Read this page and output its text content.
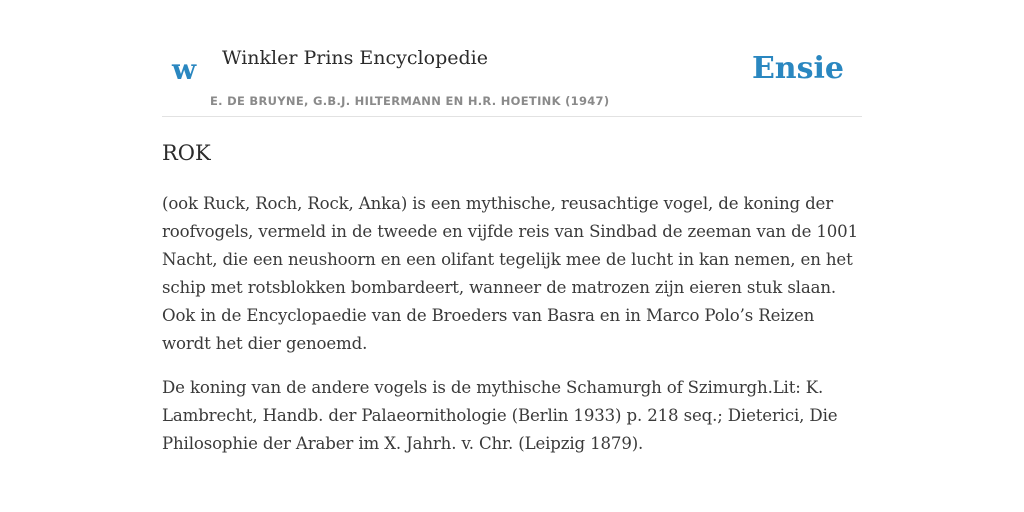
w Winkler Prins Encyclopedie
E. DE BRUYNE, G.B.J. HILTERMANN EN H.R. HOETINK (1947)
Ensie
ROK

(ook Ruck, Roch, Rock, Anka) is een mythische, reusachtige vogel, de koning der roofvogels, vermeld in de tweede en vijfde reis van Sindbad de zeeman van de 1001 Nacht, die een neushoorn en een olifant tegelijk mee de lucht in kan nemen, en het schip met rotsblokken bombardeert, wanneer de matrozen zijn eieren stuk slaan. Ook in de Encyclopaedie van de Broeders van Basra en in Marco Polo’s Reizen wordt het dier genoemd.

De koning van de andere vogels is de mythische Schamurgh of Szimurgh.Lit: K. Lambrecht, Handb. der Palaeornithologie (Berlin 1933) p. 218 seq.; Dieterici, Die Philosophie der Araber im X. Jahrh. v. Chr. (Leipzig 1879).
